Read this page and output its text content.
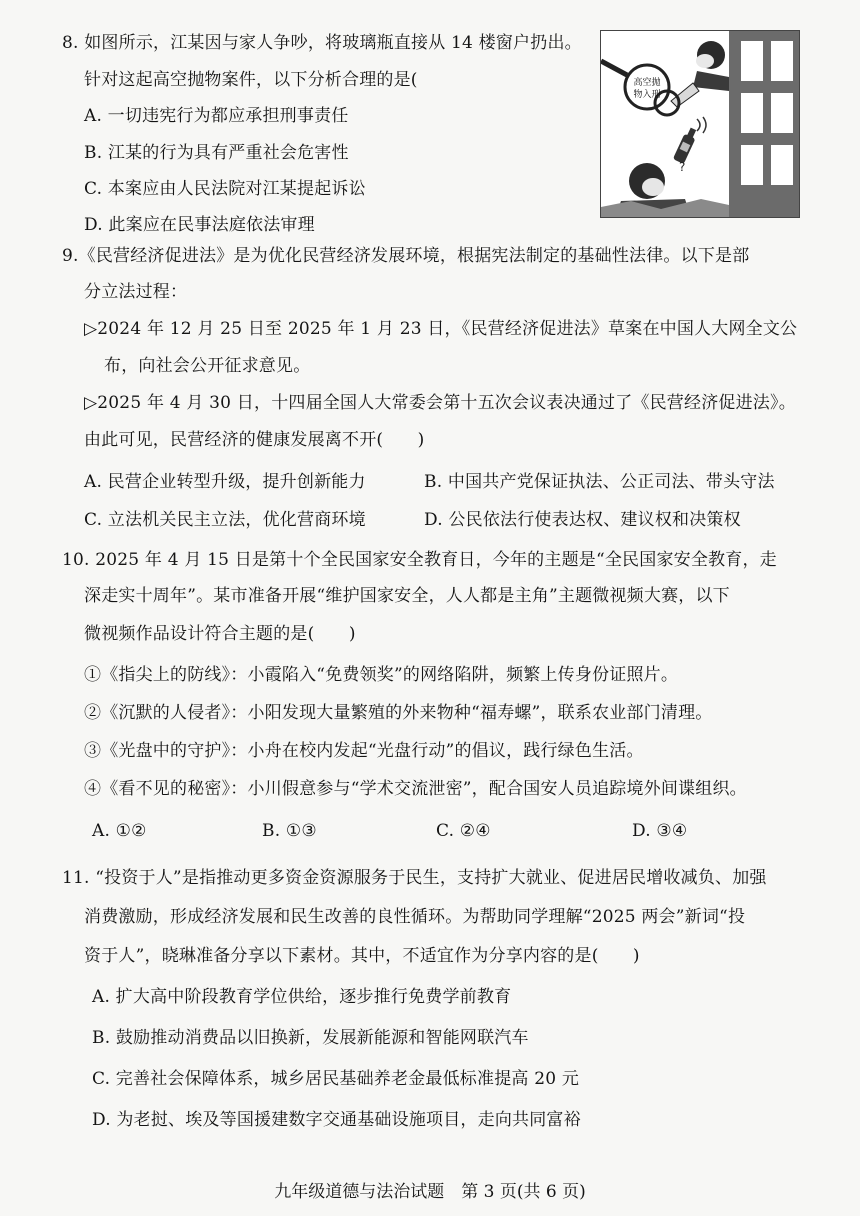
8. 如图所示，江某因与家人争吵，将玻璃瓶直接从 14 楼窗户扔出。
针对这起高空抛物案件，以下分析合理的是(
A. 一切违宪行为都应承担刑事责任
B. 江某的行为具有严重社会危害性
C. 本案应由人民法院对江某提起诉讼
D. 此案应在民事法庭依法审理
高空抛
物入刑
?
9.《民营经济促进法》是为优化民营经济发展环境，根据宪法制定的基础性法律。以下是部
分立法过程：
▷2024 年 12 月 25 日至 2025 年 1 月 23 日，《民营经济促进法》草案在中国人大网全文公
布，向社会公开征求意见。
▷2025 年 4 月 30 日，十四届全国人大常委会第十五次会议表决通过了《民营经济促进法》。
由此可见，民营经济的健康发展离不开(　　)
A. 民营企业转型升级，提升创新能力	B. 中国共产党保证执法、公正司法、带头守法
C. 立法机关民主立法，优化营商环境	D. 公民依法行使表达权、建议权和决策权
10. 2025 年 4 月 15 日是第十个全民国家安全教育日，今年的主题是“全民国家安全教育，走
深走实十周年”。某市准备开展“维护国家安全，人人都是主角”主题微视频大赛，以下
微视频作品设计符合主题的是(　　)
①《指尖上的防线》：小霞陷入“免费领奖”的网络陷阱，频繁上传身份证照片。
②《沉默的人侵者》：小阳发现大量繁殖的外来物种“福寿螺”，联系农业部门清理。
③《光盘中的守护》：小舟在校内发起“光盘行动”的倡议，践行绿色生活。
④《看不见的秘密》：小川假意参与“学术交流泄密”，配合国安人员追踪境外间谍组织。
A. ①②	B. ①③	C. ②④	D. ③④
11. “投资于人”是指推动更多资金资源服务于民生，支持扩大就业、促进居民增收减负、加强
消费激励，形成经济发展和民生改善的良性循环。为帮助同学理解“2025 两会”新词“投
资于人”，晓琳准备分享以下素材。其中，不适宜作为分享内容的是(　　)
A. 扩大高中阶段教育学位供给，逐步推行免费学前教育
B. 鼓励推动消费品以旧换新，发展新能源和智能网联汽车
C. 完善社会保障体系，城乡居民基础养老金最低标准提高 20 元
D. 为老挝、埃及等国援建数字交通基础设施项目，走向共同富裕
九年级道德与法治试题　第 3 页(共 6 页)
